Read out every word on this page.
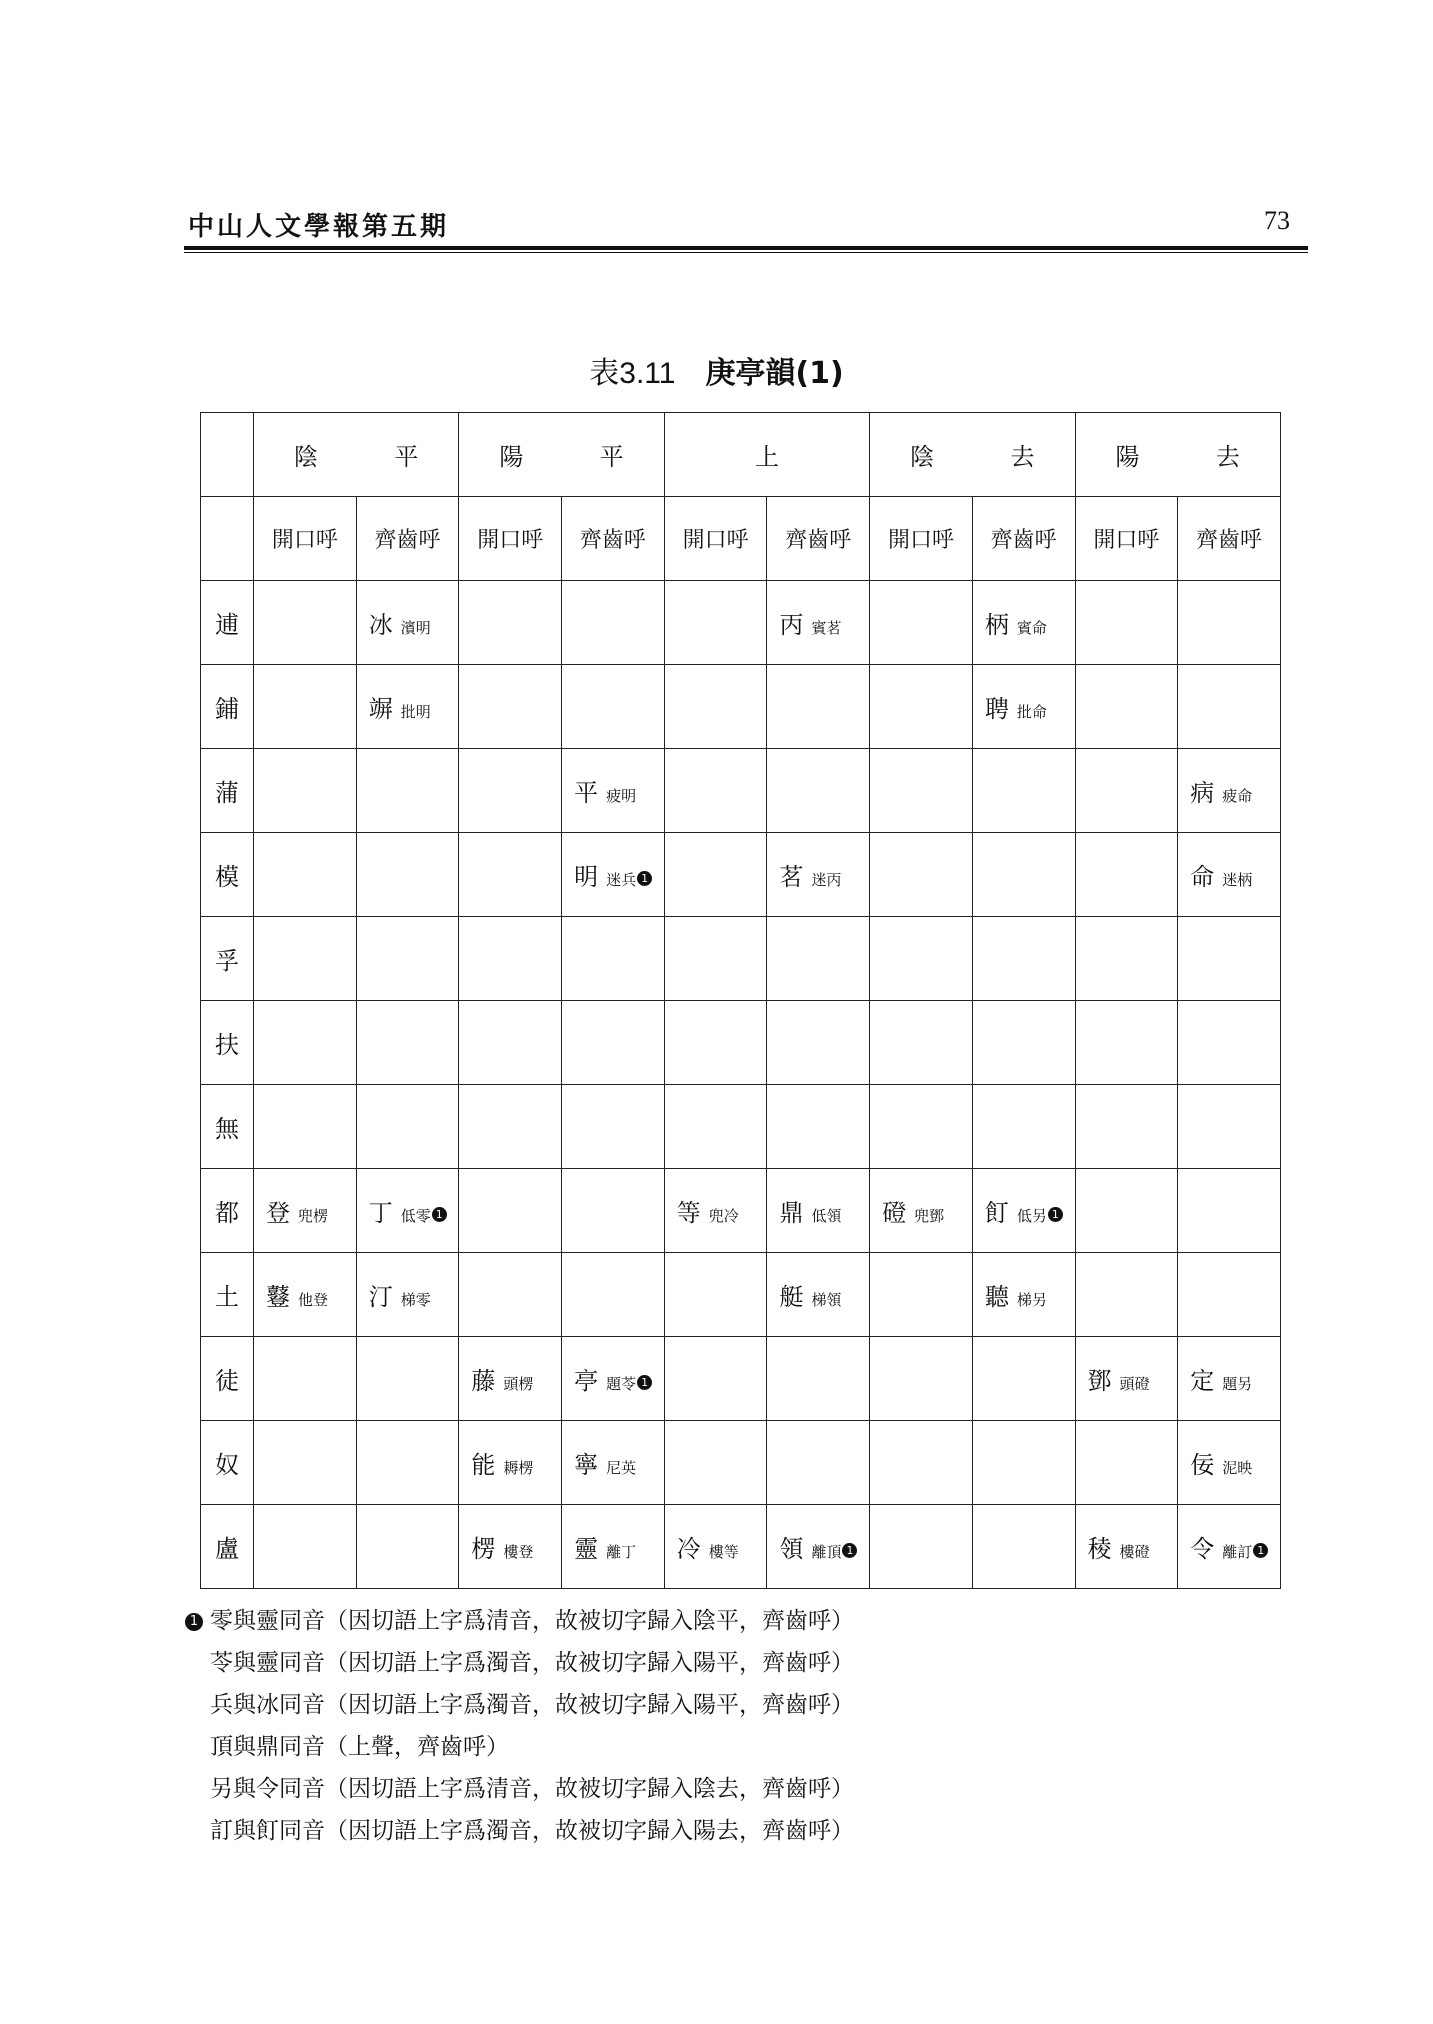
中山人文學報第五期	73
表3.11 庚亭韻(1)

	陰 平		陽 平		上		陰 去		陽 去	

	開口呼	齊齒呼	開口呼	齊齒呼	開口呼	齊齒呼	開口呼	齊齒呼	開口呼	齊齒呼
逋		冰 濱明				丙 賓茗		柄 賓命		
鋪		竮 批明						聘 批命		
蒲				平 疲明						病 疲命
模				明 迷兵 1		茗 迷丙				命 迷柄
孚										
扶										
無										
都	登 兜楞	丁 低零 1			等 兜冷	鼎 低領	磴 兜鄧	飣 低另 1		
土	鼟 他登	汀 梯零				艇 梯領		聽 梯另		
徒			藤 頭楞	亭 題苓 1					鄧 頭磴	定 題另
奴			能 耨楞	寧 尼英						佞 泥映
盧			楞 樓登	靈 離丁	冷 樓等	領 離頂 1			稜 樓磴	令 離訂 1
1 零與靈同音（因切語上字爲清音，故被切字歸入陰平，齊齒呼）
苓與靈同音（因切語上字爲濁音，故被切字歸入陽平，齊齒呼）
兵與冰同音（因切語上字爲濁音，故被切字歸入陽平，齊齒呼）
頂與鼎同音（上聲，齊齒呼）
另與令同音（因切語上字爲清音，故被切字歸入陰去，齊齒呼）
訂與飣同音（因切語上字爲濁音，故被切字歸入陽去，齊齒呼）
